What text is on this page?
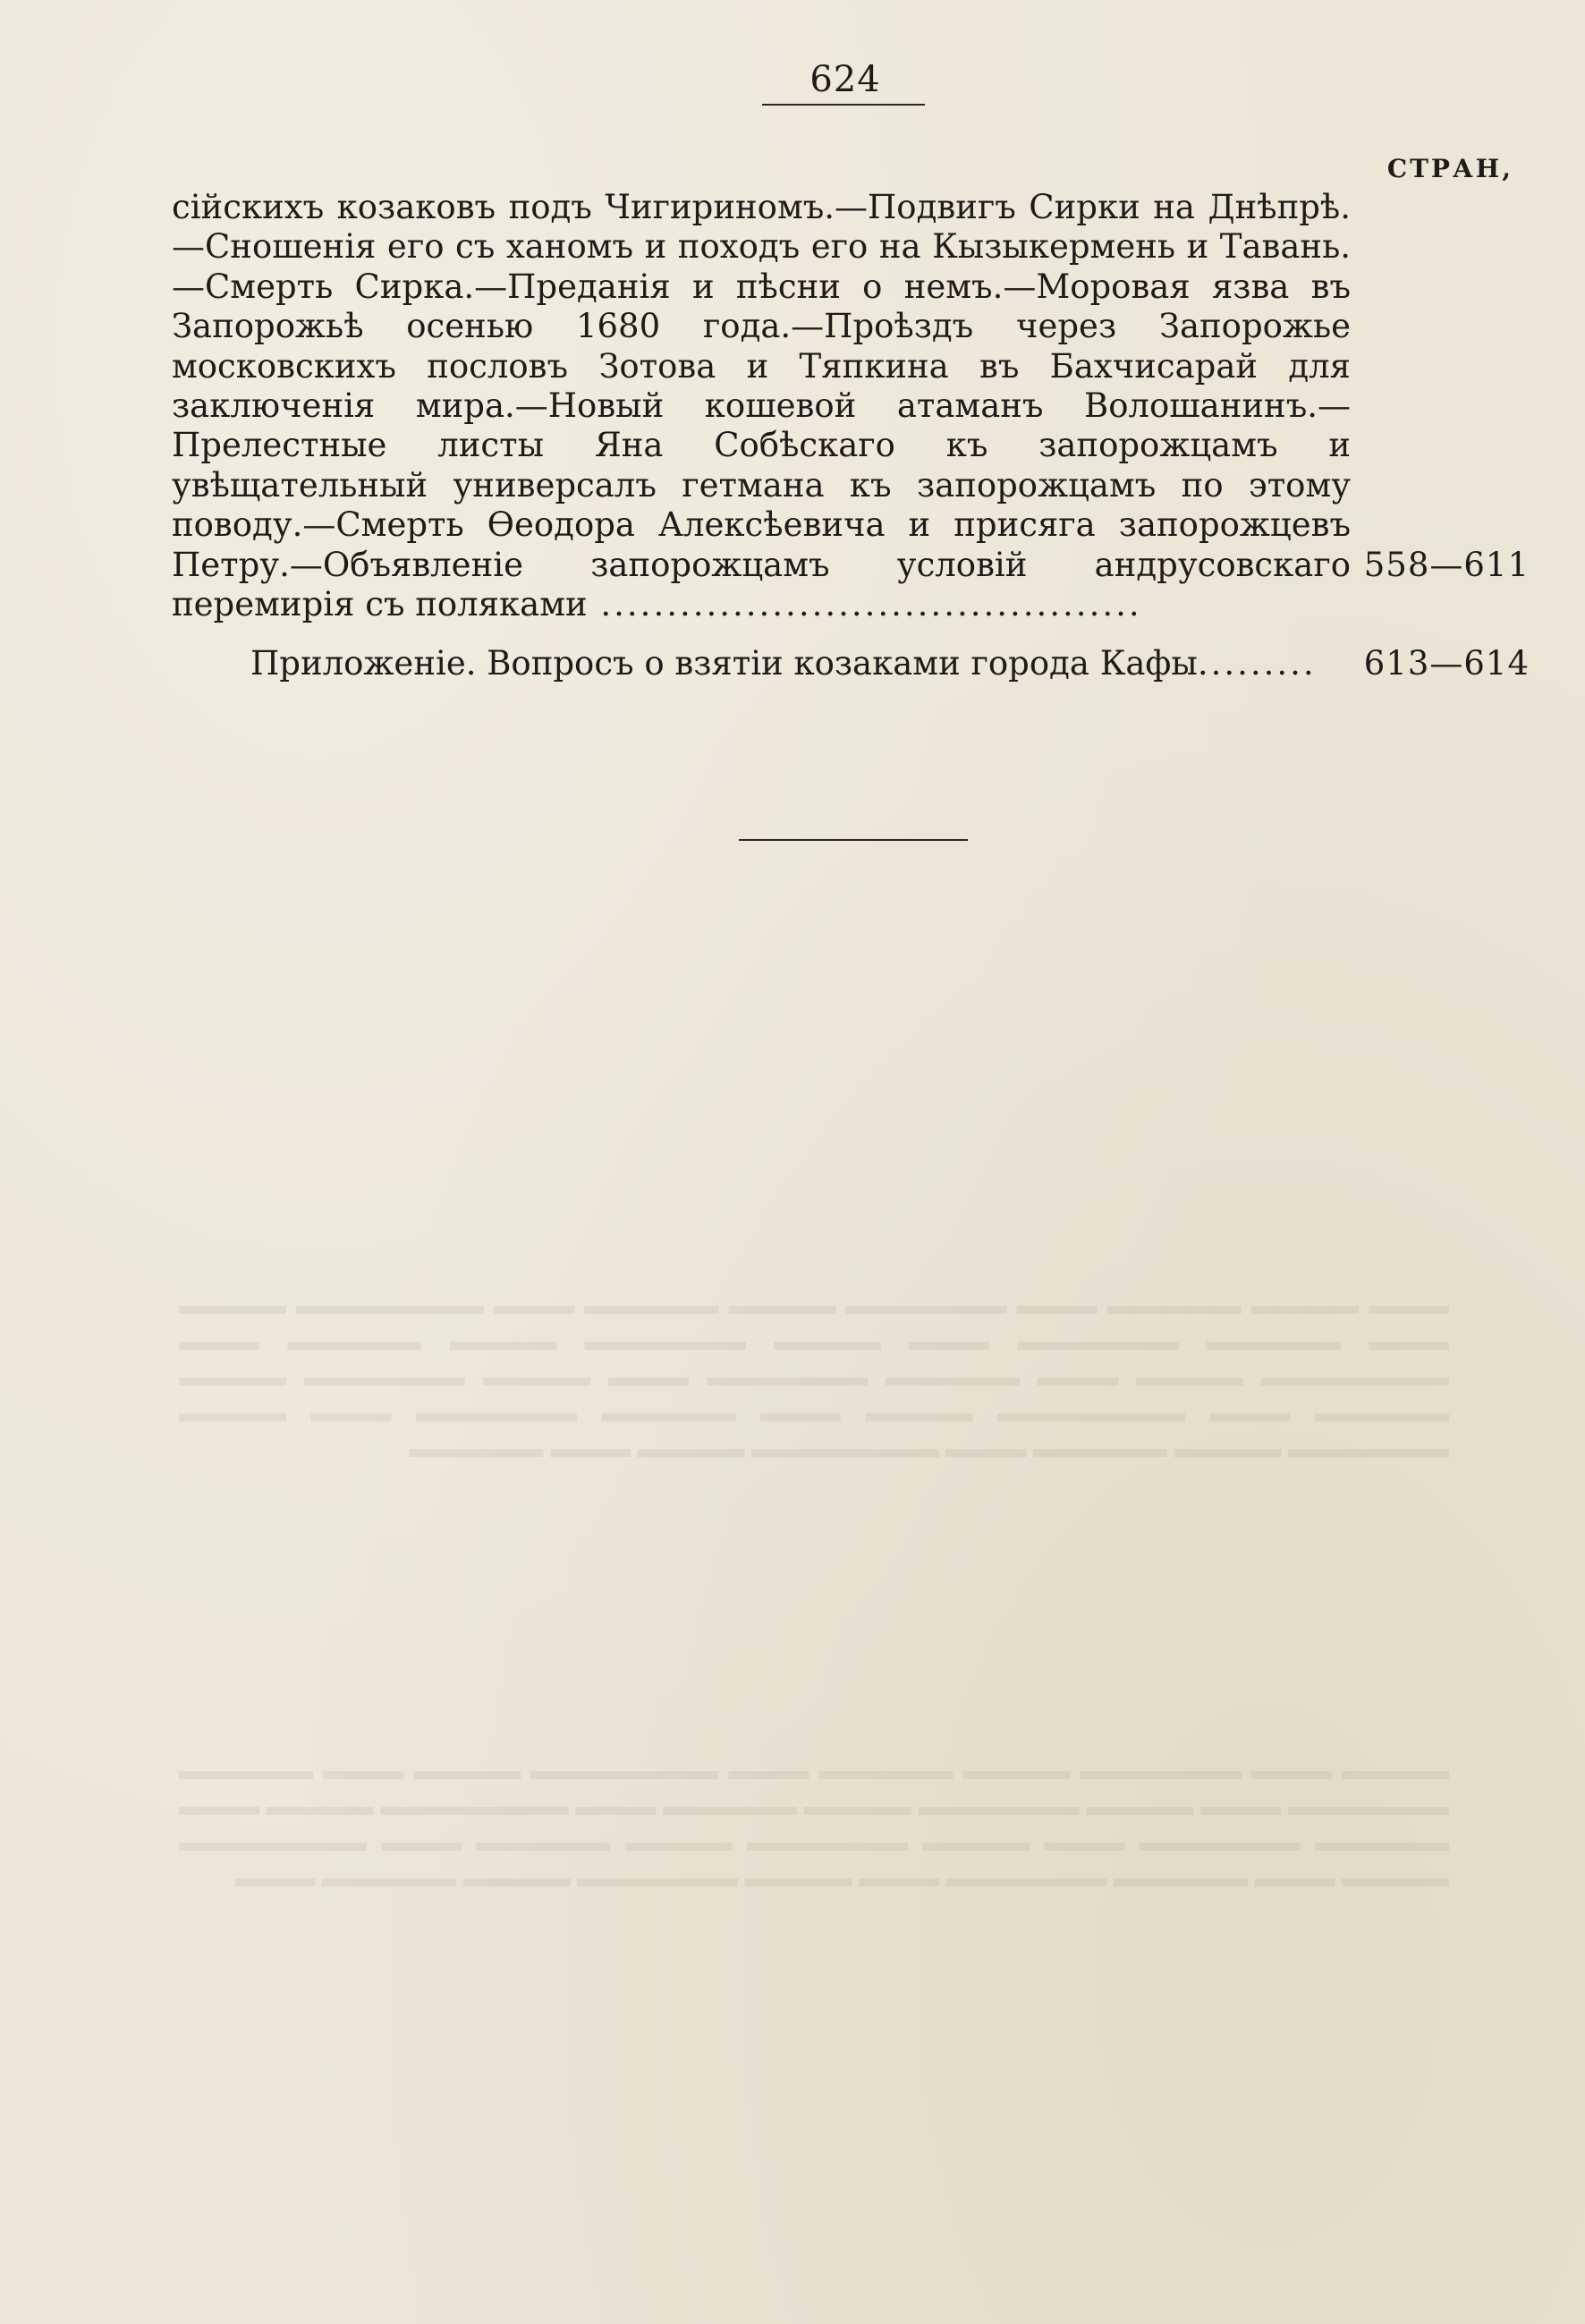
▬▬▬ ▬▬▬▬ ▬▬▬▬▬ ▬▬▬ ▬▬▬▬▬▬ ▬▬▬▬ ▬▬▬▬▬ ▬▬▬ ▬▬▬▬▬▬▬ ▬▬▬▬ ▬▬▬ ▬▬▬▬▬ ▬▬▬▬▬▬ ▬▬▬ ▬▬▬▬ ▬▬▬▬▬▬ ▬▬▬▬ ▬▬▬▬▬ ▬▬▬ ▬▬▬▬▬▬▬ ▬▬▬▬ ▬▬▬ ▬▬▬▬▬ ▬▬▬▬▬▬ ▬▬▬ ▬▬▬▬ ▬▬▬▬▬▬ ▬▬▬▬ ▬▬▬▬▬ ▬▬▬ ▬▬▬▬▬▬▬ ▬▬▬▬ ▬▬▬ ▬▬▬▬▬ ▬▬▬▬▬▬ ▬▬▬ ▬▬▬▬ ▬▬▬▬▬▬ ▬▬▬▬ ▬▬▬▬▬ ▬▬▬ ▬▬▬▬▬▬▬ ▬▬▬▬ ▬▬▬ ▬▬▬▬▬
▬▬▬▬ ▬▬▬ ▬▬▬▬▬▬ ▬▬▬▬ ▬▬▬▬▬ ▬▬▬ ▬▬▬▬▬▬▬ ▬▬▬▬ ▬▬▬ ▬▬▬▬▬ ▬▬▬▬▬▬ ▬▬▬ ▬▬▬▬ ▬▬▬▬▬▬ ▬▬▬▬ ▬▬▬▬▬ ▬▬▬ ▬▬▬▬▬▬▬ ▬▬▬▬ ▬▬▬ ▬▬▬▬▬ ▬▬▬▬▬▬ ▬▬▬ ▬▬▬▬ ▬▬▬▬▬▬ ▬▬▬▬ ▬▬▬▬▬ ▬▬▬ ▬▬▬▬▬▬▬ ▬▬▬▬ ▬▬▬ ▬▬▬▬▬ ▬▬▬▬▬▬ ▬▬▬ ▬▬▬▬ ▬▬▬▬▬▬ ▬▬▬▬ ▬▬▬▬▬ ▬▬▬
624
СТРАН,
сійскихъ козаковъ подъ Чигириномъ.—Подвигъ Сирки на Днѣпрѣ.—Сношенія его съ ханомъ и походъ его на Кызыкермень и Тавань.—Смерть Сирка.—Преданія и пѣсни о немъ.—Моровая язва въ Запорожьѣ осенью 1680 года.—Проѣздъ через Запорожье московскихъ пословъ Зотова и Тяпкина въ Бахчисарай для заключенія мира.—Новый кошевой атаманъ Волошанинъ.—Прелестные листы Яна Собѣскаго къ запорожцамъ и увѣщательный универсалъ гетмана къ запорожцамъ по этому поводу.—Смерть Ѳеодора Алексѣевича и присяга запорожцевъ Петру.—Объявленіе запорожцамъ условій андрусовскаго перемирія съ поляками .........................................
558—611
Приложеніе. Вопросъ о взятіи козаками города Кафы.........	613—614
